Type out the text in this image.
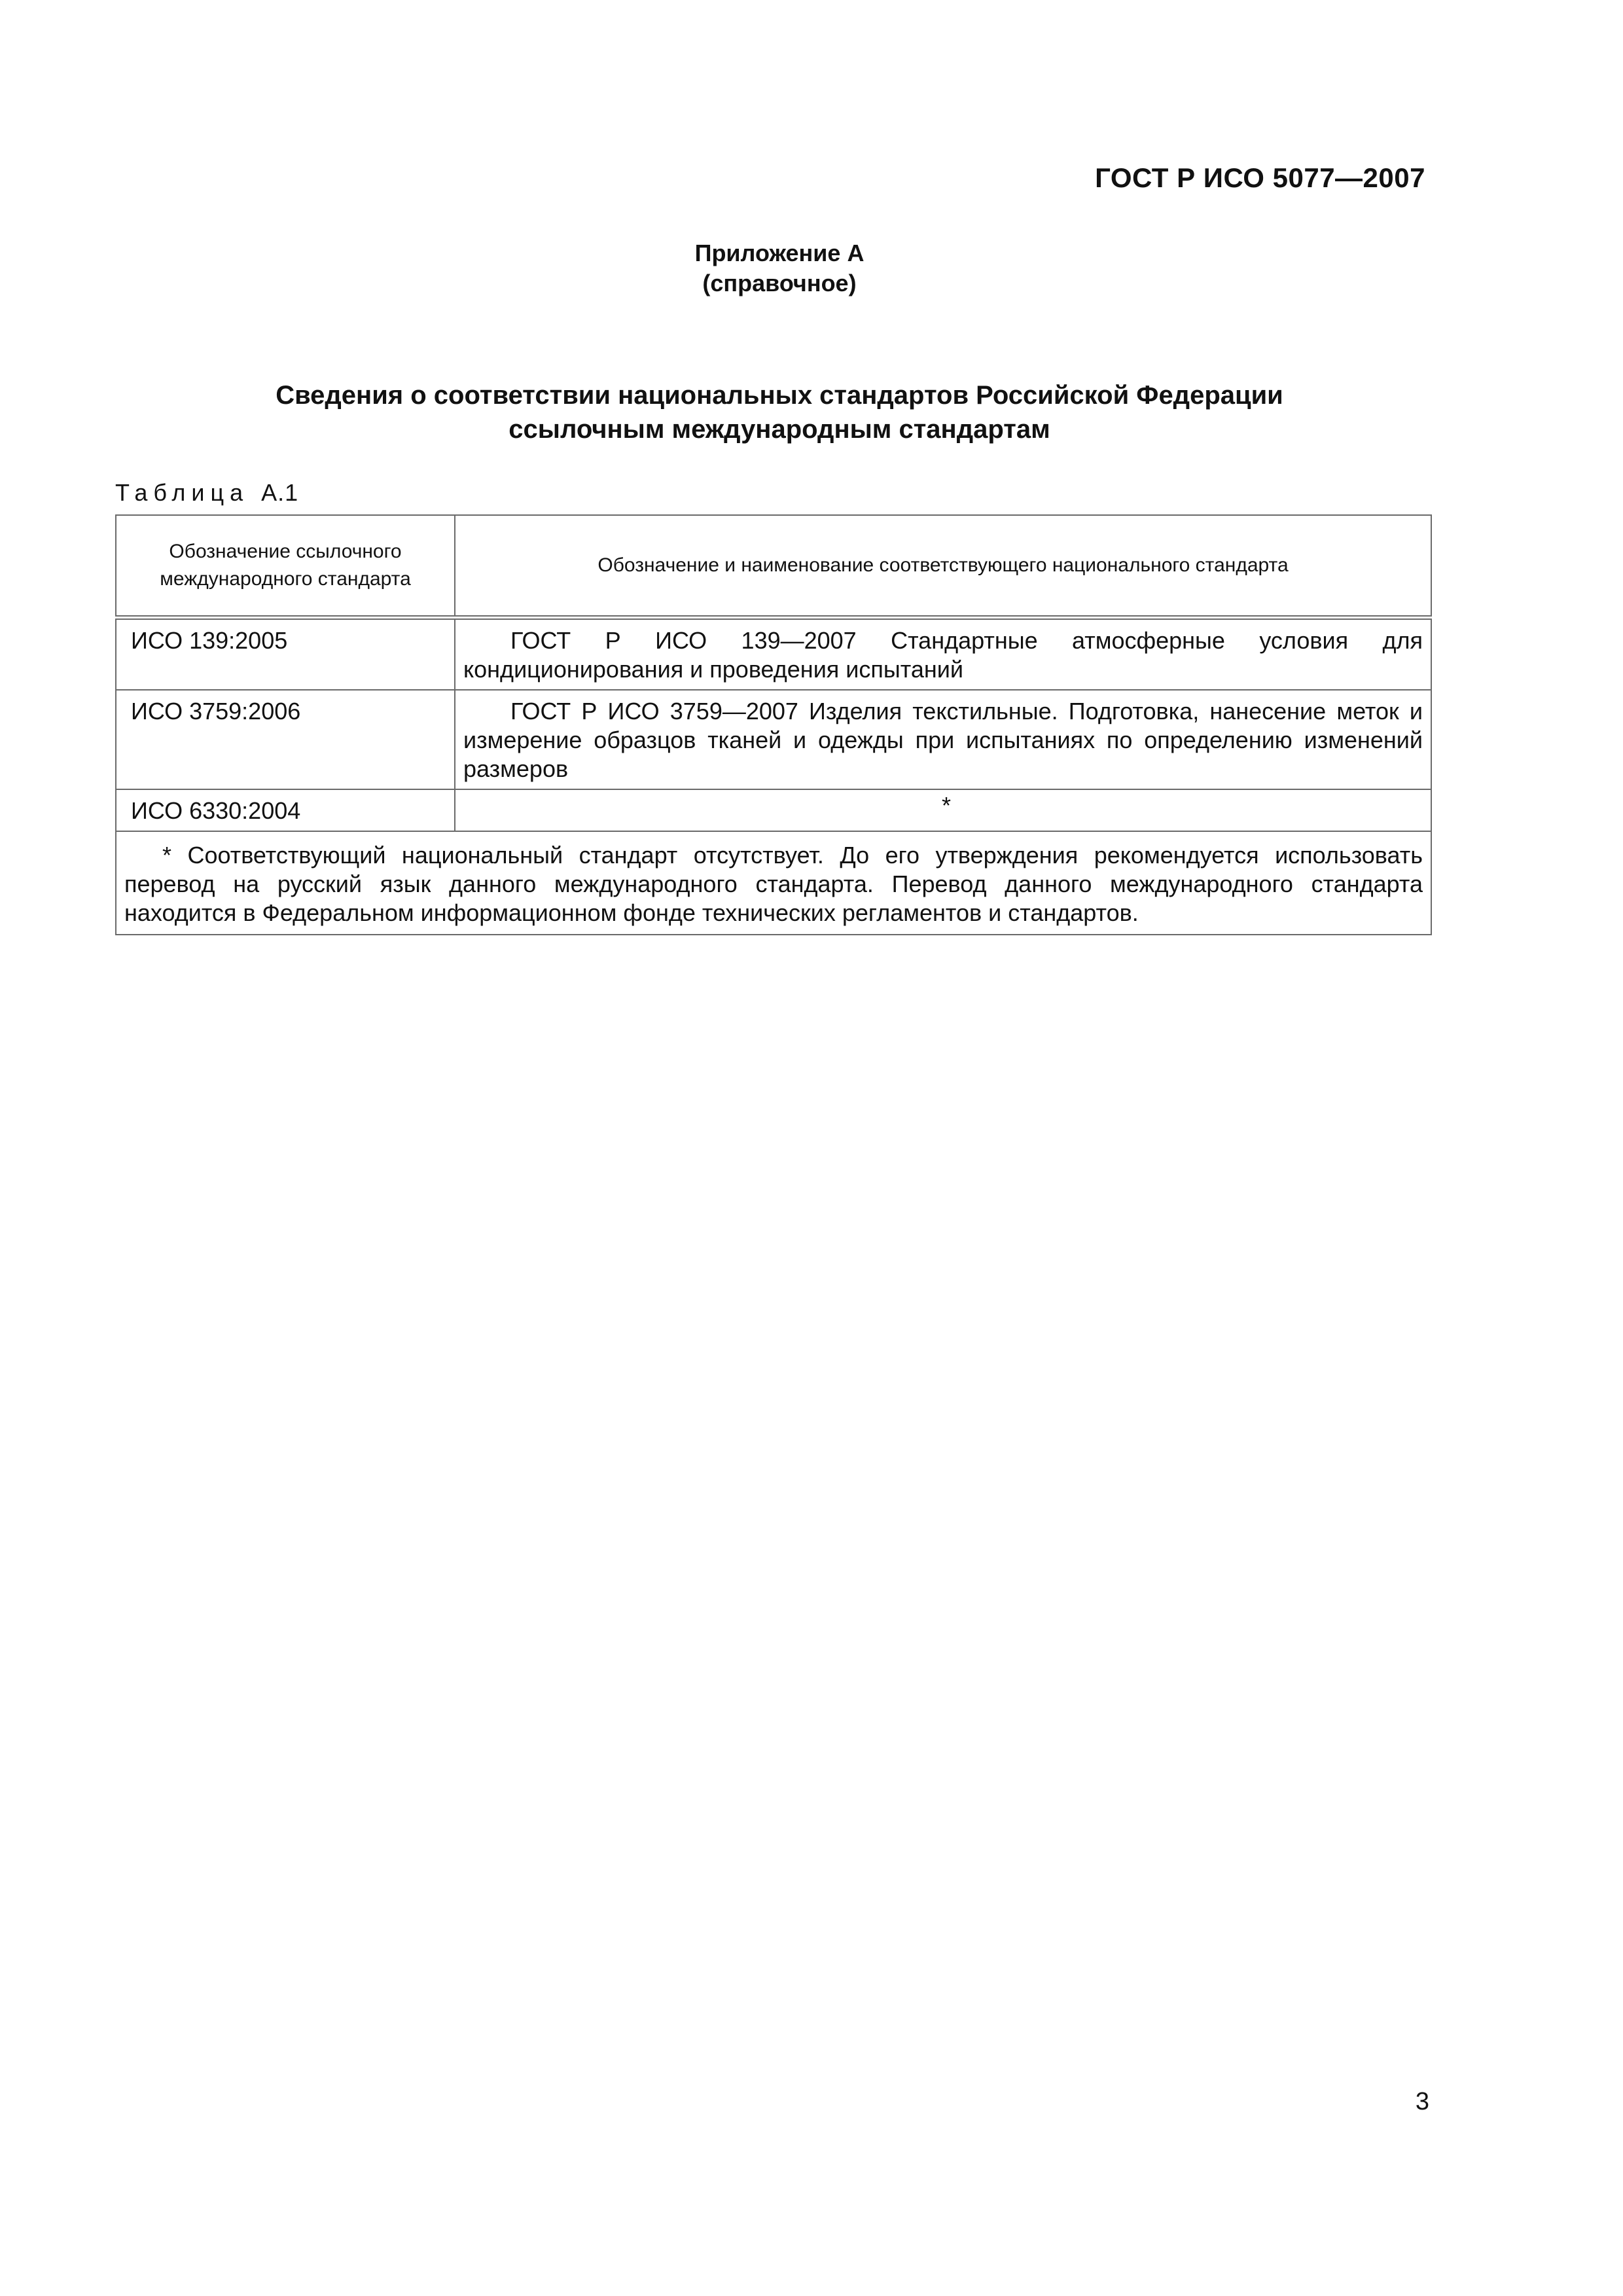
ГОСТ Р ИСО 5077—2007
Приложение А
(справочное)
Сведения о соответствии национальных стандартов Российской Федерации
ссылочным международным стандартам
Таблица А.1
Обозначение ссылочного международного стандарта	Обозначение и наименование соответствующего национального стандарта
ИСО 139:2005	ГОСТ Р ИСО 139—2007 Стандартные атмосферные условия для кондиционирования и проведения испытаний
ИСО 3759:2006	ГОСТ Р ИСО 3759—2007 Изделия текстильные. Подготовка, нанесение меток и измерение образцов тканей и одежды при испытаниях по определению изменений размеров
ИСО 6330:2004	*
* Соответствующий национальный стандарт отсутствует. До его утверждения рекомендуется использовать перевод на русский язык данного международного стандарта. Перевод данного международного стандарта находится в Федеральном информационном фонде технических регламентов и стандартов.	
3
